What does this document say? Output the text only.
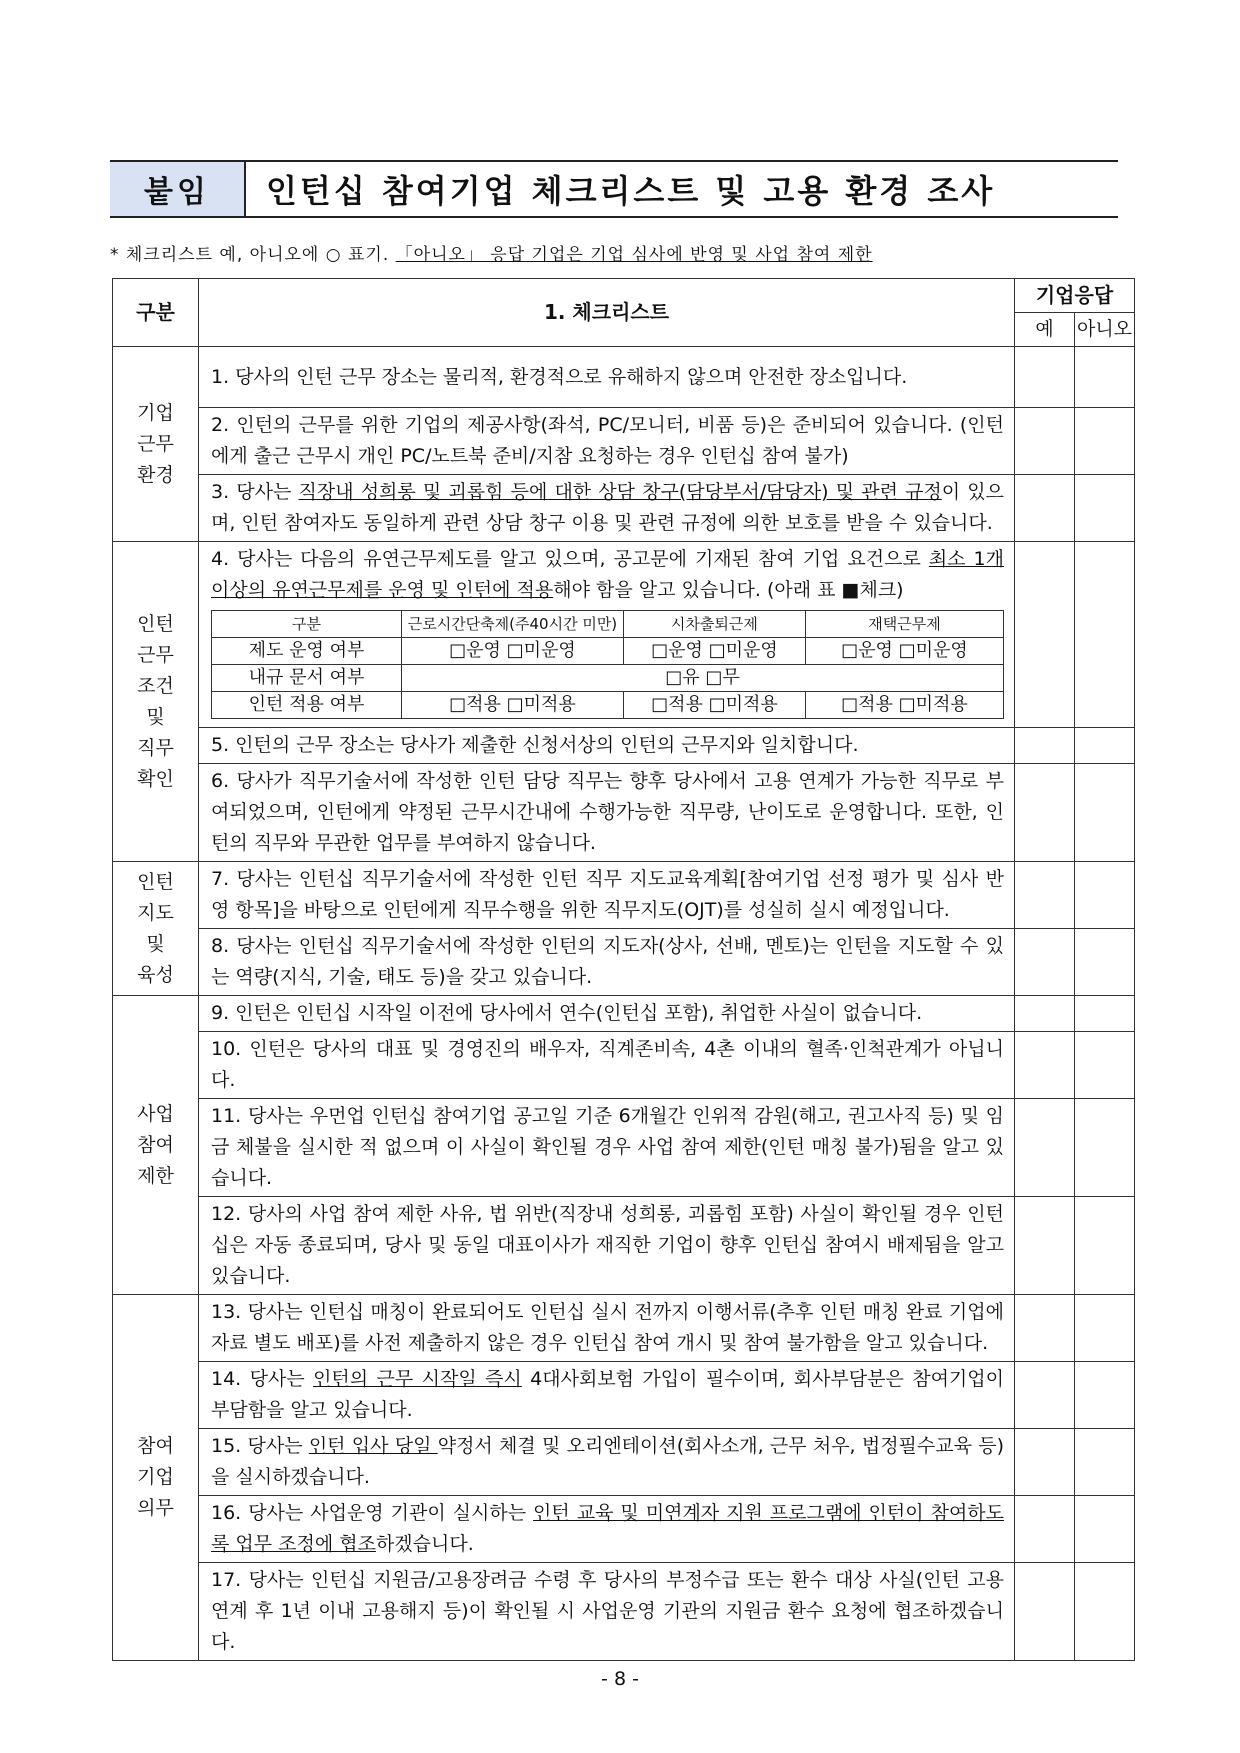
붙임	인턴십 참여기업 체크리스트 및 고용 환경 조사
* 체크리스트 예, 아니오에 ○ 표기. 「아니오」 응답 기업은 기업 심사에 반영 및 사업 참여 제한
구분	1. 체크리스트	기업응답
예	아니오
기업
근무
환경	1. 당사의 인턴 근무 장소는 물리적, 환경적으로 유해하지 않으며 안전한 장소입니다.		
2. 인턴의 근무를 위한 기업의 제공사항(좌석, PC/모니터, 비품 등)은 준비되어 있습니다. (인턴에게 출근 근무시 개인 PC/노트북 준비/지참 요청하는 경우 인턴십 참여 불가)		
3. 당사는 직장내 성희롱 및 괴롭힘 등에 대한 상담 창구(담당부서/담당자) 및 관련 규정이 있으며, 인턴 참여자도 동일하게 관련 상담 창구 이용 및 관련 규정에 의한 보호를 받을 수 있습니다.		
인턴
근무
조건
및
직무
확인	
4. 당사는 다음의 유연근무제도를 알고 있으며, 공고문에 기재된 참여 기업 요건으로 최소 1개 이상의 유연근무제를 운영 및 인턴에 적용해야 함을 알고 있습니다. (아래 표 ■체크)
구분	근로시간단축제(주40시간 미만)	시차출퇴근제	재택근무제
제도 운영 여부	□운영 □미운영	□운영 □미운영	□운영 □미운영
내규 문서 여부	□유 □무
인턴 적용 여부	□적용 □미적용	□적용 □미적용	□적용 □미적용

5. 인턴의 근무 장소는 당사가 제출한 신청서상의 인턴의 근무지와 일치합니다.		
6. 당사가 직무기술서에 작성한 인턴 담당 직무는 향후 당사에서 고용 연계가 가능한 직무로 부여되었으며, 인턴에게 약정된 근무시간내에 수행가능한 직무량, 난이도로 운영합니다. 또한, 인턴의 직무와 무관한 업무를 부여하지 않습니다.		
인턴
지도
및
육성	7. 당사는 인턴십 직무기술서에 작성한 인턴 직무 지도교육계획[참여기업 선정 평가 및 심사 반영 항목]을 바탕으로 인턴에게 직무수행을 위한 직무지도(OJT)를 성실히 실시 예정입니다.		
8. 당사는 인턴십 직무기술서에 작성한 인턴의 지도자(상사, 선배, 멘토)는 인턴을 지도할 수 있는 역량(지식, 기술, 태도 등)을 갖고 있습니다.		
사업
참여
제한	9. 인턴은 인턴십 시작일 이전에 당사에서 연수(인턴십 포함), 취업한 사실이 없습니다.		
10. 인턴은 당사의 대표 및 경영진의 배우자, 직계존비속, 4촌 이내의 혈족·인척관계가 아닙니다.		
11. 당사는 우먼업 인턴십 참여기업 공고일 기준 6개월간 인위적 감원(해고, 권고사직 등) 및 임금 체불을 실시한 적 없으며 이 사실이 확인될 경우 사업 참여 제한(인턴 매칭 불가)됨을 알고 있습니다.		
12. 당사의 사업 참여 제한 사유, 법 위반(직장내 성희롱, 괴롭힘 포함) 사실이 확인될 경우 인턴십은 자동 종료되며, 당사 및 동일 대표이사가 재직한 기업이 향후 인턴십 참여시 배제됨을 알고 있습니다.		
참여
기업
의무	13. 당사는 인턴십 매칭이 완료되어도 인턴십 실시 전까지 이행서류(추후 인턴 매칭 완료 기업에 자료 별도 배포)를 사전 제출하지 않은 경우 인턴십 참여 개시 및 참여 불가함을 알고 있습니다.		
14. 당사는 인턴의 근무 시작일 즉시 4대사회보험 가입이 필수이며, 회사부담분은 참여기업이 부담함을 알고 있습니다.		
15. 당사는 인턴 입사 당일 약정서 체결 및 오리엔테이션(회사소개, 근무 처우, 법정필수교육 등)을 실시하겠습니다.		
16. 당사는 사업운영 기관이 실시하는 인턴 교육 및 미연계자 지원 프로그램에 인턴이 참여하도록 업무 조정에 협조하겠습니다.		
17. 당사는 인턴십 지원금/고용장려금 수령 후 당사의 부정수급 또는 환수 대상 사실(인턴 고용연계 후 1년 이내 고용해지 등)이 확인될 시 사업운영 기관의 지원금 환수 요청에 협조하겠습니다.		
- 8 -
